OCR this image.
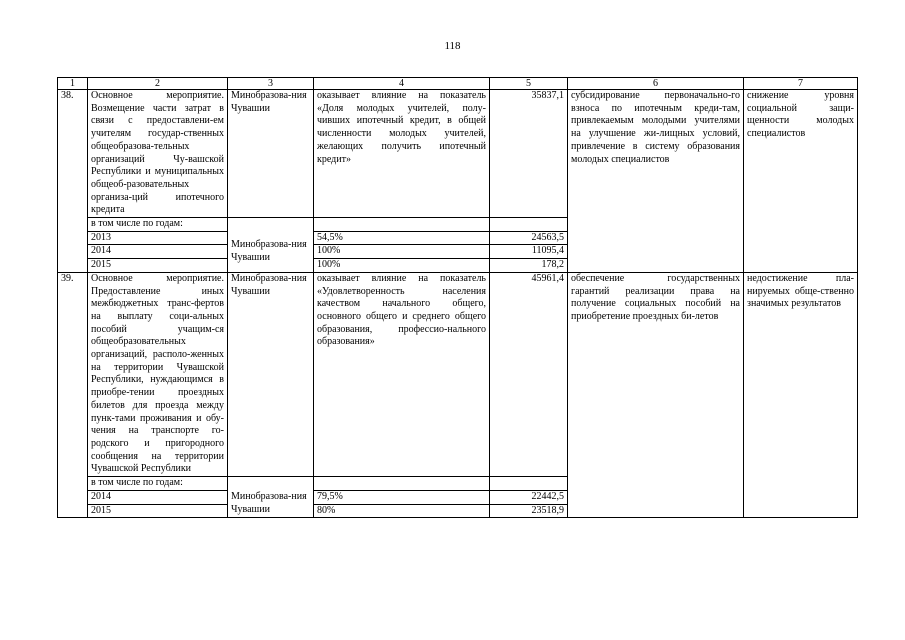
118
1	2	3	4	5	6	7
38.	Основное мероприятие. Возмещение части затрат в связи с предоставлени-ем учителям государ-ственных общеобразова-тельных организаций Чу-вашской Республики и муниципальных общеоб-разовательных организа-ций ипотечного кредита	Минобразова-ния Чувашии	оказывает влияние на показатель «Доля молодых учителей, полу-чивших ипотечный кредит, в общей численности молодых учителей, желающих получить ипотечный кредит»	35837,1	субсидирование первоначально-го взноса по ипотечным креди-там, привлекаемым молодыми учителями на улучшение жи-лищных условий, привлечение в систему образования молодых специалистов	снижение уровня социальной защи-щенности молодых специалистов
	в том числе по годам:					
	2013	Минобразова-ния Чувашии	54,5%	24563,5		
	2014		100%	11095,4		
	2015		100%	178,2		
39.	Основное мероприятие. Предоставление иных межбюджетных транс-фертов на выплату соци-альных пособий учащим-ся общеобразовательных организаций, располо-женных на территории Чувашской Республики, нуждающимся в приобре-тении проездных билетов для проезда между пунк-тами проживания и обу-чения на транспорте го-родского и пригородного сообщения на территории Чувашской Республики	Минобразова-ния Чувашии	оказывает влияние на показатель «Удовлетворенность населения качеством начального общего, основного общего и среднего общего образования, профессио-нального образования»	45961,4	обеспечение государственных гарантий реализации права на получение социальных пособий на приобретение проездных би-летов	недостижение пла-нируемых обще-ственно значимых результатов
	в том числе по годам:					
	2014	Минобразова-ния Чувашии	79,5%	22442,5		
	2015		80%	23518,9		
